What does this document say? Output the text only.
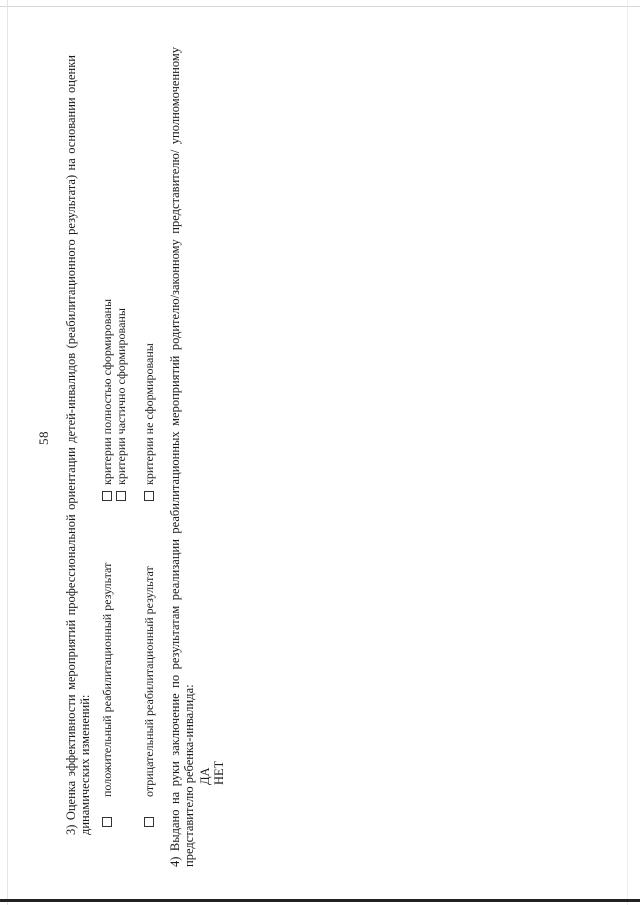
58 3) Оценка эффективности мероприятий профессиональной ориентации детей-инвалидов (реабилитационного результата) на основании оценки динамических изменений: положительный реабилитационный результат
критерии полностью сформированы критерии частично сформированы
отрицательный реабилитационный результат
критерии не сформированы 4) Выдано на руки заключение по результатам реализации реабилитационных мероприятий родителю/законному представителю/ уполномоченному представителю ребенка-инвалида: ДА НЕТ
